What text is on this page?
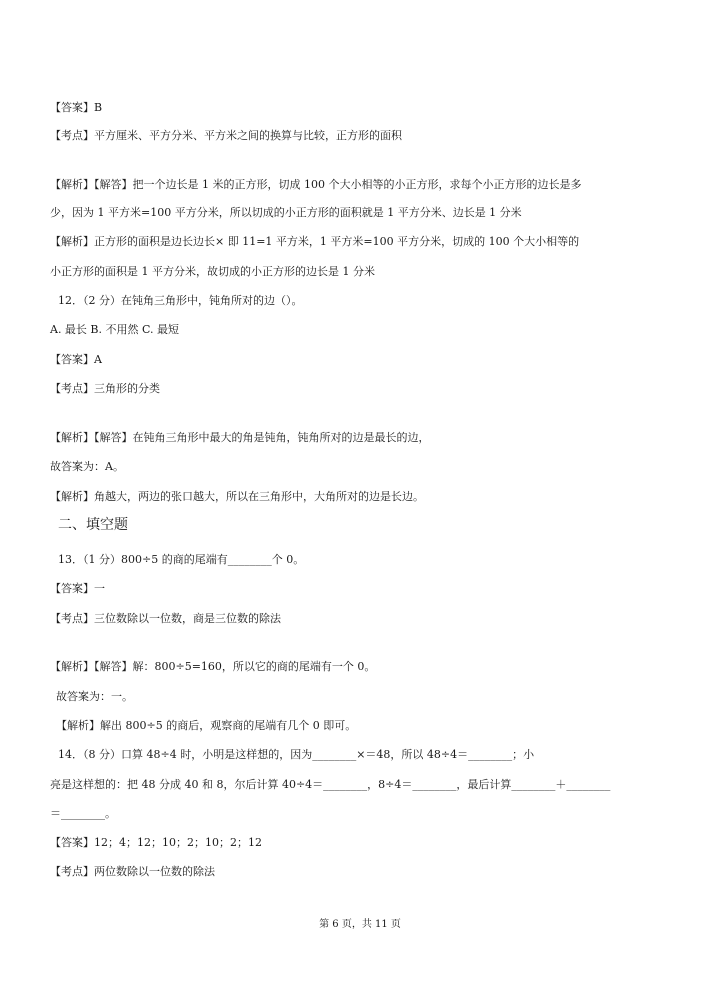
【答案】B
【考点】平方厘米、平方分米、平方米之间的换算与比较，正方形的面积
【解析】【解答】把一个边长是 1 米的正方形，切成 100 个大小相等的小正方形，求每个小正方形的边长是多
少，因为 1 平方米=100 平方分米，所以切成的小正方形的面积就是 1 平方分米、边长是 1 分米
【解析】正方形的面积是边长边长× 即 11=1 平方米，1 平方米=100 平方分米，切成的 100 个大小相等的
小正方形的面积是 1 平方分米，故切成的小正方形的边长是 1 分米
12．（2 分）在钝角三角形中，钝角所对的边（）。
A. 最长 B. 不用然 C. 最短
【答案】A
【考点】三角形的分类
【解析】【解答】在钝角三角形中最大的角是钝角，钝角所对的边是最长的边，
故答案为：A。
【解析】角越大，两边的张口越大，所以在三角形中，大角所对的边是长边。
二、填空题
13．（1 分）800÷5 的商的尾端有________个 0。
【答案】一
【考点】三位数除以一位数，商是三位数的除法
【解析】【解答】解：800÷5=160，所以它的商的尾端有一个 0。
故答案为：一。
【解析】解出 800÷5 的商后，观察商的尾端有几个 0 即可。
14．（8 分）口算 48÷4 时，小明是这样想的，因为________×＝48，所以 48÷4＝________；小
亮是这样想的：把 48 分成 40 和 8，尔后计算 40÷4＝________，8÷4＝________，最后计算________＋________
＝________。
【答案】12；4；12；10；2；10；2；12
【考点】两位数除以一位数的除法
第 6 页，共 11 页
